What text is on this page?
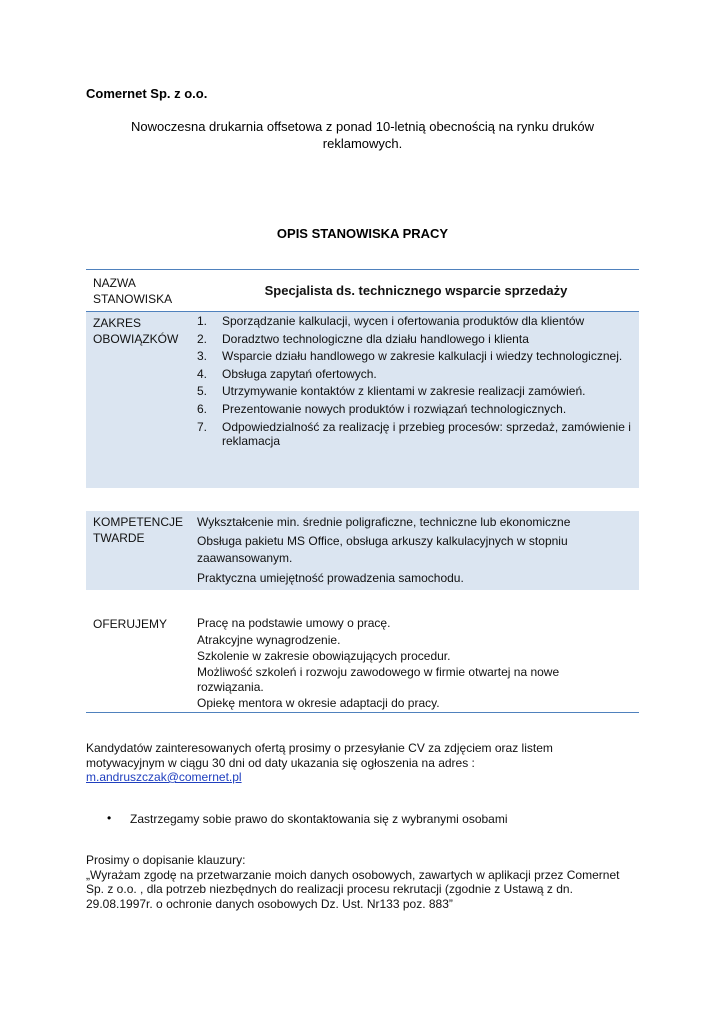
Comernet Sp. z o.o.
Nowoczesna drukarnia offsetowa z ponad 10-letnią obecnością na rynku druków reklamowych.
OPIS STANOWISKA PRACY
NAZWA STANOWISKA
Specjalista ds. technicznego wsparcie sprzedaży
ZAKRES OBOWIĄZKÓW
1. Sporządzanie kalkulacji, wycen i ofertowania produktów dla klientów
2. Doradztwo technologiczne dla działu handlowego i klienta
3. Wsparcie działu handlowego w zakresie kalkulacji i wiedzy technologicznej.
4. Obsługa zapytań ofertowych.
5. Utrzymywanie kontaktów z klientami w zakresie realizacji zamówień.
6. Prezentowanie nowych produktów i rozwiązań technologicznych.
7. Odpowiedzialność za realizację i przebieg procesów: sprzedaż, zamówienie i reklamacja
KOMPETENCJE TWARDE
Wykształcenie min. średnie poligraficzne, techniczne lub ekonomiczne
Obsługa pakietu MS Office, obsługa arkuszy kalkulacyjnych w stopniu zaawansowanym.
Praktyczna umiejętność prowadzenia samochodu.
OFERUJEMY	Pracę na podstawie umowy o pracę.
Atrakcyjne wynagrodzenie.
Szkolenie w zakresie obowiązujących procedur.
Możliwość szkoleń i rozwoju zawodowego w firmie otwartej na nowe rozwiązania.
Opiekę mentora w okresie adaptacji do pracy.
Kandydatów zainteresowanych ofertą prosimy o przesyłanie CV za zdjęciem oraz listem motywacyjnym w ciągu 30 dni od daty ukazania się ogłoszenia na adres :
m.andruszczak@comernet.pl
• Zastrzegamy sobie prawo do skontaktowania się z wybranymi osobami
Prosimy o dopisanie klauzury:
„Wyrażam zgodę na przetwarzanie moich danych osobowych, zawartych w aplikacji przez Comernet Sp. z o.o. , dla potrzeb niezbędnych do realizacji procesu rekrutacji (zgodnie z Ustawą z dn. 29.08.1997r. o ochronie danych osobowych Dz. Ust. Nr133 poz. 883”
